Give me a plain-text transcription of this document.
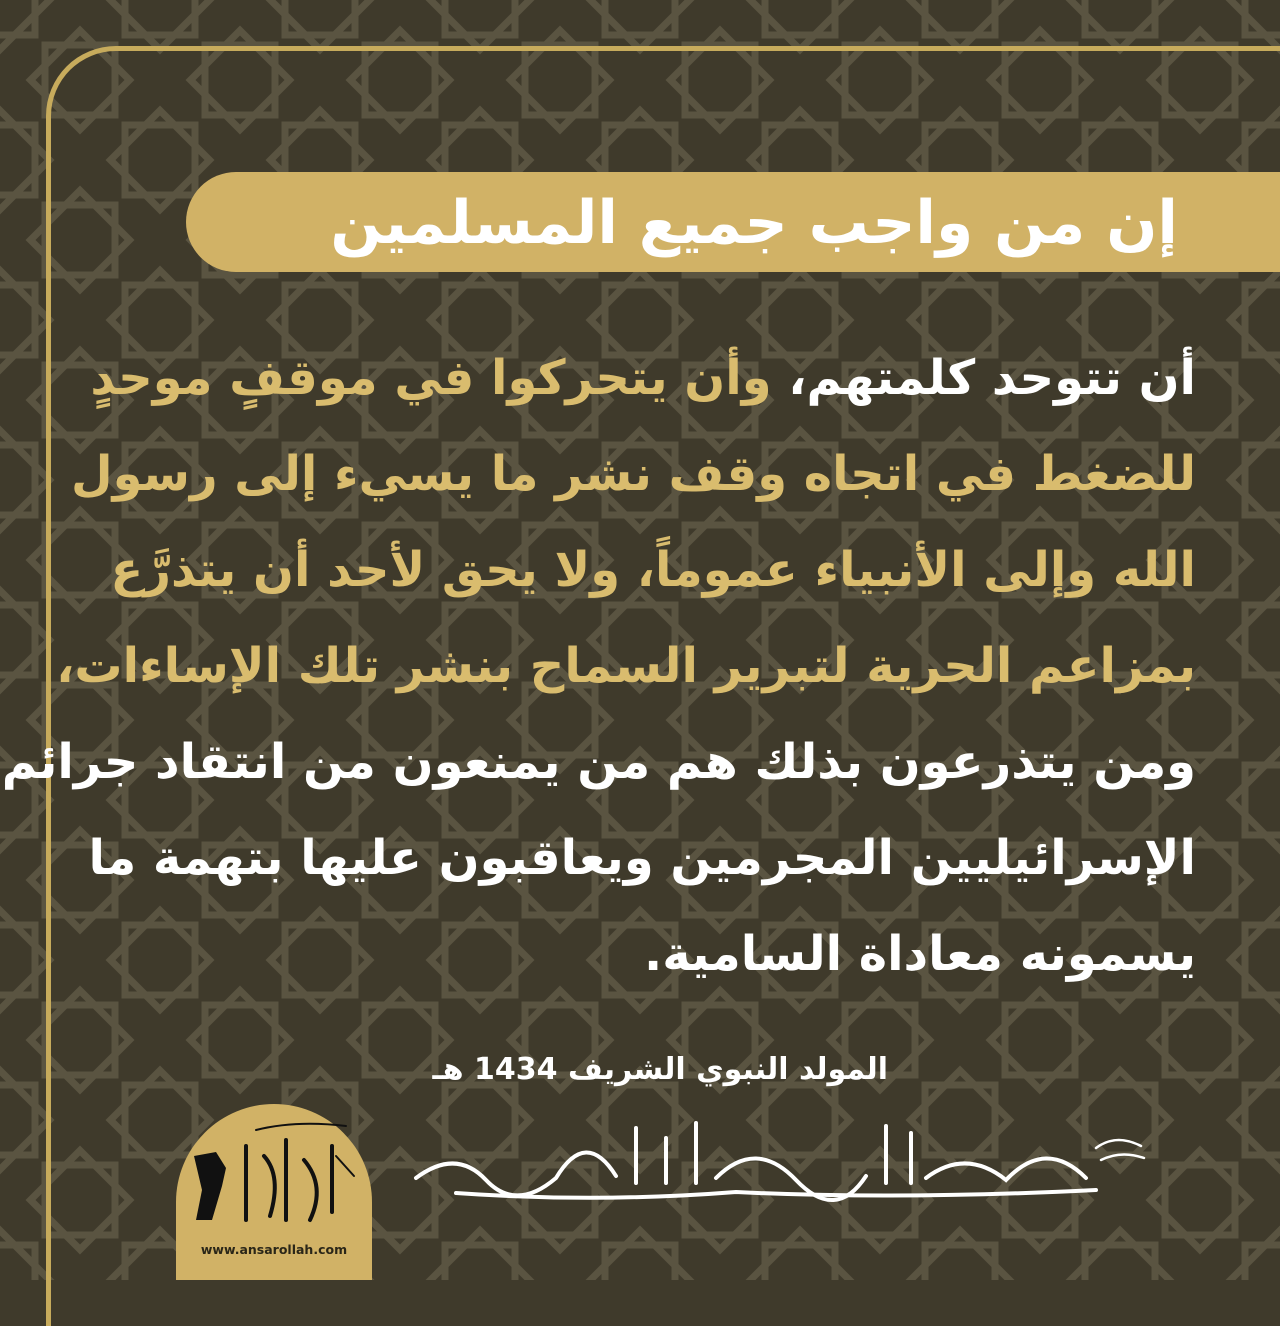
إن من واجب جميع المسلمين
أن تتوحد كلمتهم، وأن يتحركوا في موقفٍ موحدٍ
للضغط في اتجاه وقف نشر ما يسيء إلى رسول
الله وإلى الأنبياء عموماً، ولا يحق لأحد أن يتذرَّع
بمزاعم الحرية لتبرير السماح بنشر تلك الإساءات،
ومن يتذرعون بذلك هم من يمنعون من انتقاد جرائم
الإسرائيليين المجرمين ويعاقبون عليها بتهمة ما
يسمونه معاداة السامية.
المولد النبوي الشريف 1434 هـ
www.ansarollah.com
